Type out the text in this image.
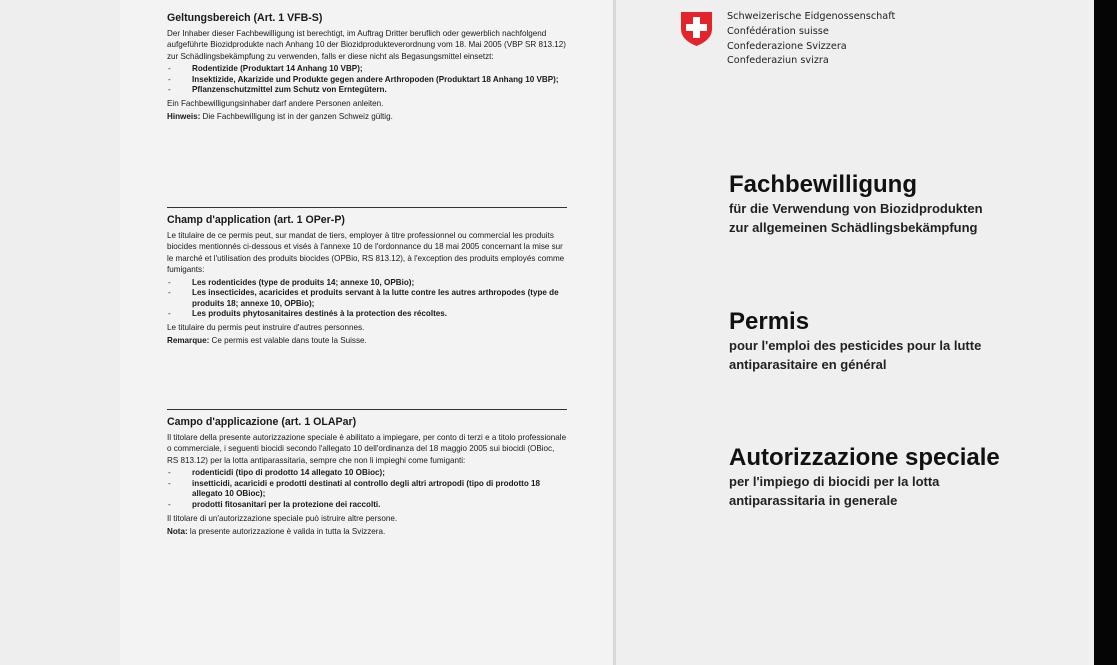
Geltungsbereich (Art. 1 VFB-S)

Der Inhaber dieser Fachbewilligung ist berechtigt, im Auftrag Dritter beruflich oder gewerblich nachfolgend aufgeführte Biozidprodukte nach Anhang 10 der Biozidprodukteverordnung vom 18. Mai 2005 (VBP SR 813.12) zur Schädlingsbekämpfung zu verwenden, falls er diese nicht als Begasungsmittel einsetzt:

- Rodentizide (Produktart 14 Anhang 10 VBP);
- Insektizide, Akarizide und Produkte gegen andere Arthropoden (Produktart 18 Anhang 10 VBP);
- Pflanzenschutzmittel zum Schutz von Erntegütern.

Ein Fachbewilligungsinhaber darf andere Personen anleiten.

Hinweis: Die Fachbewilligung ist in der ganzen Schweiz gültig.
Champ d'application (art. 1 OPer-P)

Le titulaire de ce permis peut, sur mandat de tiers, employer à titre professionnel ou commercial les produits biocides mentionnés ci-dessous et visés à l'annexe 10 de l'ordonnance du 18 mai 2005 concernant la mise sur le marché et l'utilisation des produits biocides (OPBio, RS 813.12), à l'exception des produits employés comme fumigants:

- Les rodenticides (type de produits 14; annexe 10, OPBio);
- Les insecticides, acaricides et produits servant à la lutte contre les autres arthropodes (type de produits 18; annexe 10, OPBio);
- Les produits phytosanitaires destinés à la protection des récoltes.

Le titulaire du permis peut instruire d'autres personnes.

Remarque: Ce permis est valable dans toute la Suisse.
Campo d'applicazione (art. 1 OLAPar)

Il titolare della presente autorizzazione speciale è abilitato a impiegare, per conto di terzi e a titolo professionale o commerciale, i seguenti biocidi secondo l'allegato 10 dell'ordinanza del 18 maggio 2005 sui biocidi (OBioc, RS 813.12) per la lotta antiparassitaria, sempre che non li impieghi come fumiganti:

- rodenticidi (tipo di prodotto 14 allegato 10 OBioc);
- insetticidi, acaricidi e prodotti destinati al controllo degli altri artropodi (tipo di prodotto 18 allegato 10 OBioc);
- prodotti fitosanitari per la protezione dei raccolti.

Il titolare di un'autorizzazione speciale può istruire altre persone.

Nota: la presente autorizzazione è valida in tutta la Svizzera.
Schweizerische Eidgenossenschaft
Confédération suisse
Confederazione Svizzera
Confederaziun svizra
Fachbewilligung
für die Verwendung von Biozidprodukten
zur allgemeinen Schädlingsbekämpfung
Permis
pour l'emploi des pesticides pour la lutte
antiparasitaire en général
Autorizzazione speciale
per l'impiego di biocidi per la lotta
antiparassitaria in generale
